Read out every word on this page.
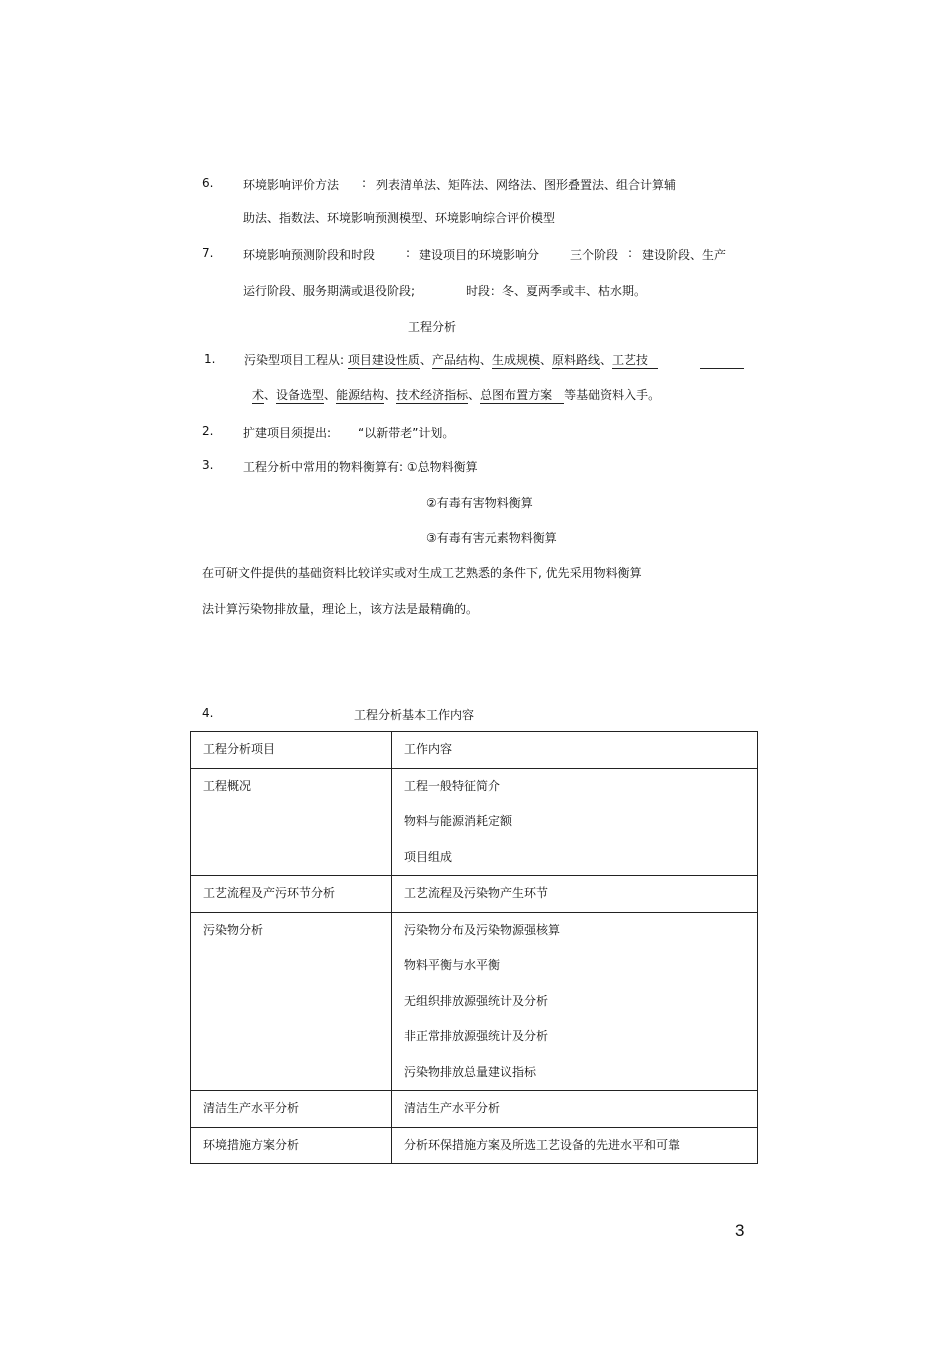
6. 环境影响评价方法 : 列表清单法、矩阵法、网络法、图形叠置法、组合计算辅
助法、指数法、环境影响预测模型、环境影响综合评价模型
7. 环境影响预测阶段和时段	: 建设项目的环境影响分	三个阶段 : 建设阶段、生产
运行阶段、服务期满或退役阶段;	时段：冬、夏两季或丰、枯水期。
工程分析
1. 污染型项目工程从: 项目建设性质、产品结构、生成规模、原料路线、工艺技
术、设备选型、能源结构、技术经济指标、总图布置方案 等基础资料入手。
2. 扩建项目须提出: “以新带老”计划。
3. 工程分析中常用的物料衡算有: ①总物料衡算
②有毒有害物料衡算
③有毒有害元素物料衡算
在可研文件提供的基础资料比较详实或对生成工艺熟悉的条件下, 优先采用物料衡算
法计算污染物排放量，理论上，该方法是最精确的。
4.	工程分析基本工作内容
工程分析项目	工作内容

工程概况	工程一般特征简介
物料与能源消耗定额
项目组成

工艺流程及产污环节分析	工艺流程及污染物产生环节

污染物分析	污染物分布及污染物源强核算
物料平衡与水平衡
无组织排放源强统计及分析
非正常排放源强统计及分析
污染物排放总量建议指标

清洁生产水平分析	清洁生产水平分析

环境措施方案分析	分析环保措施方案及所选工艺设备的先进水平和可靠
3
